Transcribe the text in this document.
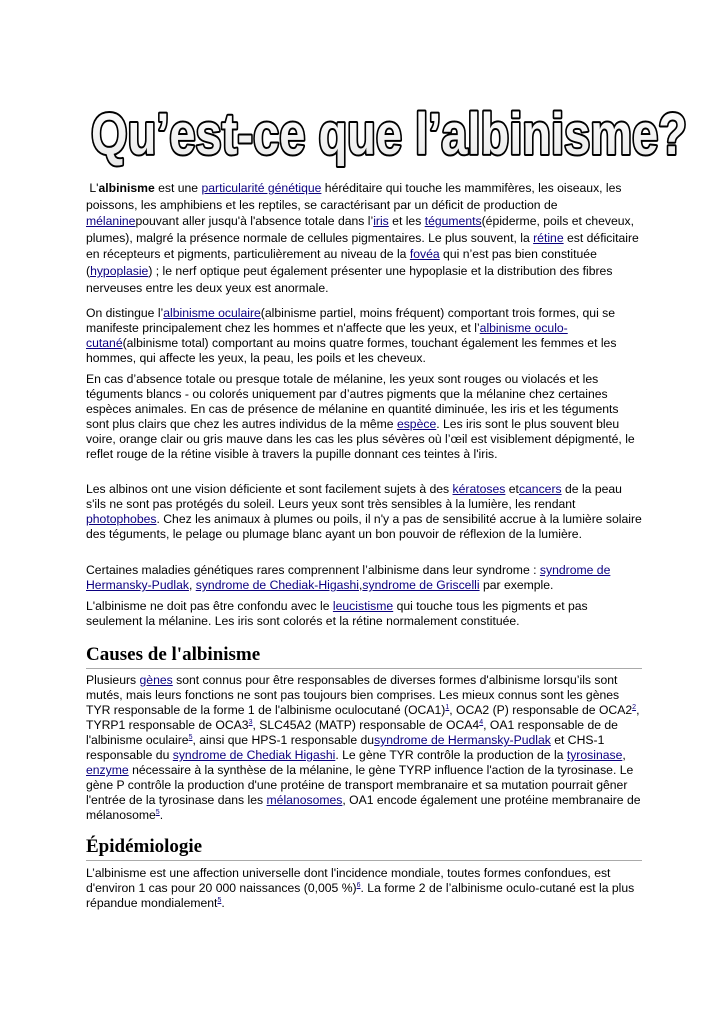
Qu’est-ce que l’albinisme?

L'albinisme est une particularité génétique héréditaire qui touche les mammifères, les oiseaux, les poissons, les amphibiens et les reptiles, se caractérisant par un déficit de production de mélaninepouvant aller jusqu'à l'absence totale dans l’iris et les téguments(épiderme, poils et cheveux, plumes), malgré la présence normale de cellules pigmentaires. Le plus souvent, la rétine est déficitaire en récepteurs et pigments, particulièrement au niveau de la fovéa qui n’est pas bien constituée (hypoplasie) ; le nerf optique peut également présenter une hypoplasie et la distribution des fibres nerveuses entre les deux yeux est anormale.

On distingue l’albinisme oculaire(albinisme partiel, moins fréquent) comportant trois formes, qui se manifeste principalement chez les hommes et n'affecte que les yeux, et l’albinisme oculo-cutané(albinisme total) comportant au moins quatre formes, touchant également les femmes et les hommes, qui affecte les yeux, la peau, les poils et les cheveux.

En cas d’absence totale ou presque totale de mélanine, les yeux sont rouges ou violacés et les téguments blancs - ou colorés uniquement par d’autres pigments que la mélanine chez certaines espèces animales. En cas de présence de mélanine en quantité diminuée, les iris et les téguments sont plus clairs que chez les autres individus de la même espèce. Les iris sont le plus souvent bleu voire, orange clair ou gris mauve dans les cas les plus sévères où l’œil est visiblement dépigmenté, le reflet rouge de la rétine visible à travers la pupille donnant ces teintes à l'iris.

Les albinos ont une vision déficiente et sont facilement sujets à des kératoses etcancers de la peau s'ils ne sont pas protégés du soleil. Leurs yeux sont très sensibles à la lumière, les rendant photophobes. Chez les animaux à plumes ou poils, il n'y a pas de sensibilité accrue à la lumière solaire des téguments, le pelage ou plumage blanc ayant un bon pouvoir de réflexion de la lumière.

Certaines maladies génétiques rares comprennent l’albinisme dans leur syndrome : syndrome de Hermansky-Pudlak, syndrome de Chediak-Higashi,syndrome de Griscelli par exemple.

L'albinisme ne doit pas être confondu avec le leucistisme qui touche tous les pigments et pas seulement la mélanine. Les iris sont colorés et la rétine normalement constituée.

Causes de l'albinisme

Plusieurs gènes sont connus pour être responsables de diverses formes d'albinisme lorsqu’ils sont mutés, mais leurs fonctions ne sont pas toujours bien comprises. Les mieux connus sont les gènes TYR responsable de la forme 1 de l'albinisme oculocutané $(OCA1)^1$, OCA2 (P) responsable de $OCA2^2$, TYRP1 responsable de $OCA3^3$, SLC45A2 (MATP) responsable de $OCA4^4$, OA1 responsable de de l'albinisme oculaire$^5$, ainsi que HPS-1 responsable dusyndrome de Hermansky-Pudlak et CHS-1 responsable du syndrome de Chediak Higashi. Le gène TYR contrôle la production de la tyrosinase, enzyme nécessaire à la synthèse de la mélanine, le gène TYRP influence l'action de la tyrosinase. Le gène P contrôle la production d'une protéine de transport membranaire et sa mutation pourrait gêner l'entrée de la tyrosinase dans les mélanosomes, OA1 encode également une protéine membranaire de mélanosome$^5$.

Épidémiologie

L’albinisme est une affection universelle dont l'incidence mondiale, toutes formes confondues, est d'environ 1 cas pour 20 000 naissances (0,005 %)$^6$. La forme 2 de l’albinisme oculo-cutané est la plus répandue mondialement$^5$.
